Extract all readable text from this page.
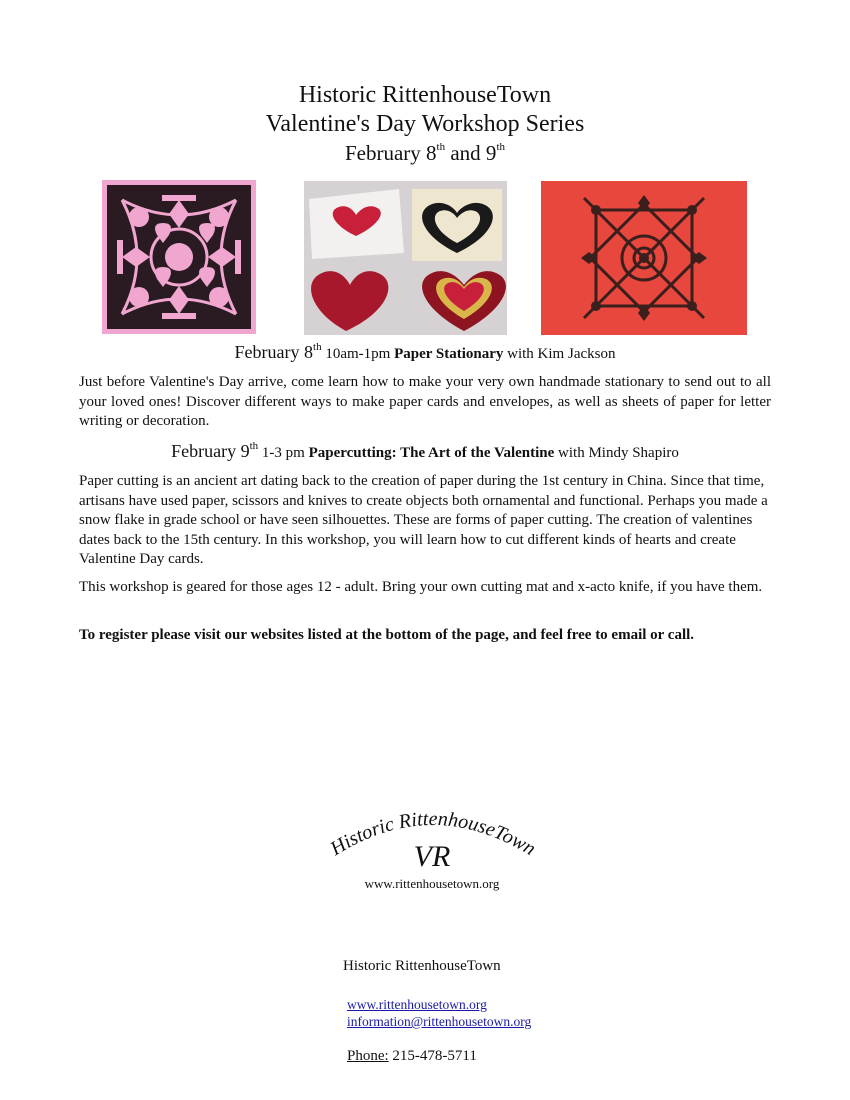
Historic RittenhouseTown
Valentine's Day Workshop Series
February 8th and 9th
February 8th 10am-1pm Paper Stationary with Kim Jackson
Just before Valentine's Day arrive, come learn how to make your very own handmade stationary to send out to all your loved ones! Discover different ways to make paper cards and envelopes, as well as sheets of paper for letter writing or decoration.
February 9th 1-3 pm Papercutting: The Art of the Valentine with Mindy Shapiro
Paper cutting is an ancient art dating back to the creation of paper during the 1st century in China. Since that time, artisans have used paper, scissors and knives to create objects both ornamental and functional. Perhaps you made a snow flake in grade school or have seen silhouettes. These are forms of paper cutting. The creation of valentines dates back to the 15th century. In this workshop, you will learn how to cut different kinds of hearts and create Valentine Day cards.
This workshop is geared for those ages 12 - adult. Bring your own cutting mat and x-acto knife, if you have them.
To register please visit our websites listed at the bottom of the page, and feel free to email or call.
Historic RittenhouseTown
VR
www.rittenhousetown.org
Historic RittenhouseTown
www.rittenhousetown.org
information@rittenhousetown.org
Phone: 215-478-5711
